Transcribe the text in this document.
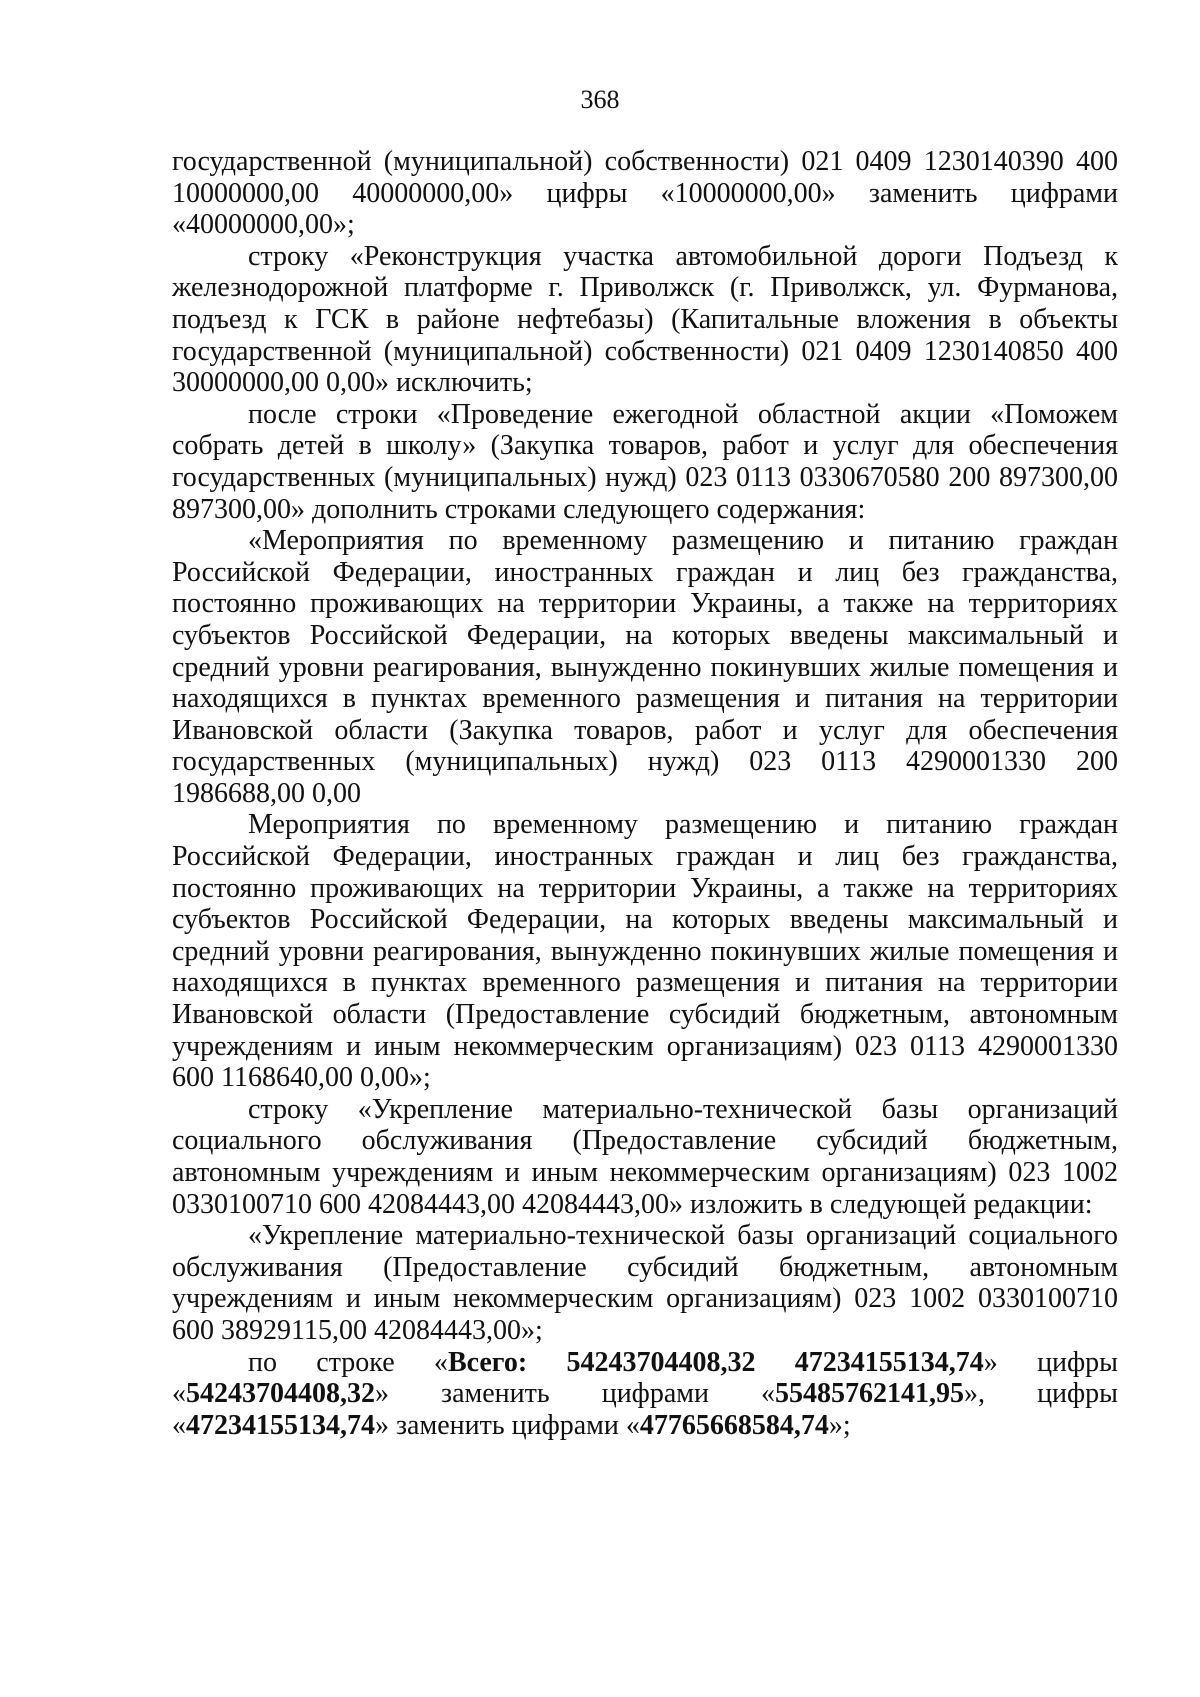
368

государственной (муниципальной) собственности) 021 0409 1230140390 400 10000000,00 40000000,00» цифры «10000000,00» заменить цифрами «40000000,00»;

строку «Реконструкция участка автомобильной дороги Подъезд к железнодорожной платформе г. Приволжск (г. Приволжск, ул. Фурманова, подъезд к ГСК в районе нефтебазы) (Капитальные вложения в объекты государственной (муниципальной) собственности) 021 0409 1230140850 400 30000000,00 0,00» исключить;

после строки «Проведение ежегодной областной акции «Поможем собрать детей в школу» (Закупка товаров, работ и услуг для обеспечения государственных (муниципальных) нужд) 023 0113 0330670580 200 897300,00 897300,00» дополнить строками следующего содержания:

«Мероприятия по временному размещению и питанию граждан Российской Федерации, иностранных граждан и лиц без гражданства, постоянно проживающих на территории Украины, а также на территориях субъектов Российской Федерации, на которых введены максимальный и средний уровни реагирования, вынужденно покинувших жилые помещения и находящихся в пунктах временного размещения и питания на территории Ивановской области (Закупка товаров, работ и услуг для обеспечения государственных (муниципальных) нужд) 023 0113 4290001330 200 1986688,00 0,00

Мероприятия по временному размещению и питанию граждан Российской Федерации, иностранных граждан и лиц без гражданства, постоянно проживающих на территории Украины, а также на территориях субъектов Российской Федерации, на которых введены максимальный и средний уровни реагирования, вынужденно покинувших жилые помещения и находящихся в пунктах временного размещения и питания на территории Ивановской области (Предоставление субсидий бюджетным, автономным учреждениям и иным некоммерческим организациям) 023 0113 4290001330 600 1168640,00 0,00»;

строку «Укрепление материально-технической базы организаций социального обслуживания (Предоставление субсидий бюджетным, автономным учреждениям и иным некоммерческим организациям) 023 1002 0330100710 600 42084443,00 42084443,00» изложить в следующей редакции:

«Укрепление материально-технической базы организаций социального обслуживания (Предоставление субсидий бюджетным, автономным учреждениям и иным некоммерческим организациям) 023 1002 0330100710 600 38929115,00 42084443,00»;

по строке «Всего: 54243704408,32 47234155134,74» цифры «54243704408,32» заменить цифрами «55485762141,95», цифры «47234155134,74» заменить цифрами «47765668584,74»;
